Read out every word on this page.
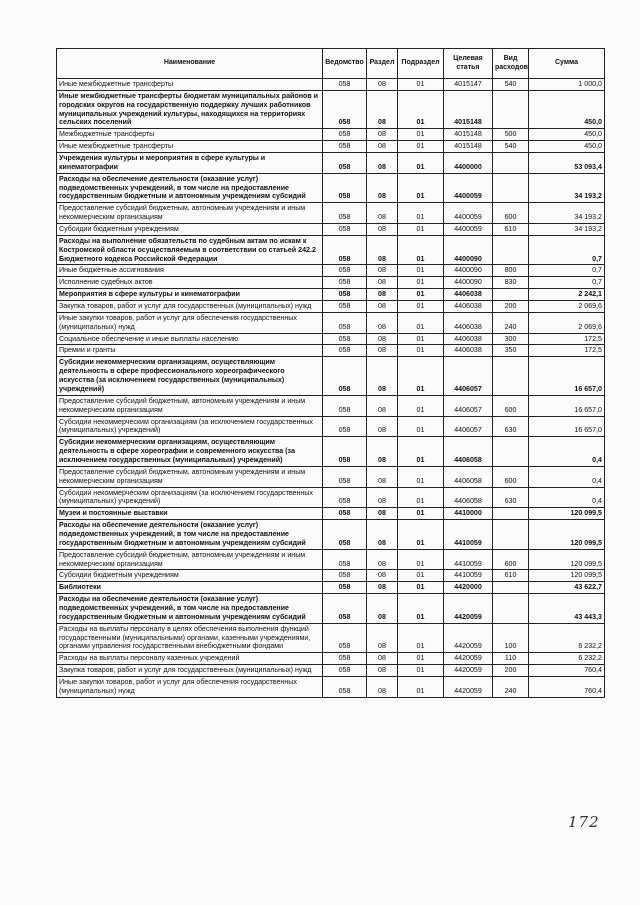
Наименование	Ведомство	Раздел	Подраздел	Целевая статья	Вид расходов	Сумма
Иные межбюджетные трансферты	058	08	01	4015147	540	1 000,0
Иные межбюджетные трансферты бюджетам муниципальных районов и городских округов на государственную поддержку лучших работников муниципальных учреждений культуры, находящихся на территориях сельских поселений	058	08	01	4015148		450,0
Межбюджетные трансферты	058	08	01	4015148	500	450,0
Иные межбюджетные трансферты	058	08	01	4015148	540	450,0
Учреждения культуры и мероприятия в сфере культуры и кинематографии	058	08	01	4400000		53 093,4
Расходы на обеспечение деятельности (оказание услуг) подведомственных учреждений, в том числе на предоставление государственным бюджетным и автономным учреждениям субсидий	058	08	01	4400059		34 193,2
Предоставление субсидий бюджетным, автономным учреждениям и иным некоммерческим организациям	058	08	01	4400059	600	34 193,2
Субсидии бюджетным учреждениям	058	08	01	4400059	610	34 193,2
Расходы на выполнение обязательств по судебным актам по искам к Костромской области осуществляемым в соответствии со статьей 242.2 Бюджетного кодекса Российской Федерации	058	08	01	4400090		0,7
Иные бюджетные ассигнования	058	08	01	4400090	800	0,7
Исполнение судебных актов	058	08	01	4400090	830	0,7
Мероприятия в сфере культуры и кинематографии	058	08	01	4406038		2 242,1
Закупка товаров, работ и услуг для государственных (муниципальных) нужд	058	08	01	4406038	200	2 069,6
Иные закупки товаров, работ и услуг для обеспечения государственных (муниципальных) нужд	058	08	01	4406038	240	2 069,6
Социальное обеспечение и иные выплаты населению	058	08	01	4406038	300	172,5
Премии и гранты	058	08	01	4406038	350	172,5
Субсидии некоммерческим организациям, осуществляющим деятельность в сфере профессионального хореографического искусства (за исключением государственных (муниципальных) учреждений)	058	08	01	4406057		16 657,0
Предоставление субсидий бюджетным, автономным учреждениям и иным некоммерческим организациям	058	08	01	4406057	600	16 657,0
Субсидии некоммерческим организациям (за исключением государственных (муниципальных) учреждений)	058	08	01	4406057	630	16 657,0
Субсидии некоммерческим организациям, осуществляющим деятельность в сфере хореографии и современного искусства (за исключением государственных (муниципальных) учреждений)	058	08	01	4406058		0,4
Предоставление субсидий бюджетным, автономным учреждениям и иным некоммерческим организациям	058	08	01	4406058	600	0,4
Субсидии некоммерческим организациям (за исключением государственных (муниципальных) учреждений)	058	08	01	4406058	630	0,4
Музеи и постоянные выставки	058	08	01	4410000		120 099,5
Расходы на обеспечение деятельности (оказание услуг) подведомственных учреждений, в том числе на предоставление государственным бюджетным и автономным учреждениям субсидий	058	08	01	4410059		120 099,5
Предоставление субсидий бюджетным, автономным учреждениям и иным некоммерческим организациям	058	08	01	4410059	600	120 099,5
Субсидии бюджетным учреждениям	058	08	01	4410059	610	120 099,5
Библиотеки	058	08	01	4420000		43 622,7
Расходы на обеспечение деятельности (оказание услуг) подведомственных учреждений, в том числе на предоставление государственным бюджетным и автономным учреждениям субсидий	058	08	01	4420059		43 443,3
Расходы на выплаты персоналу в целях обеспечения выполнения функций государственными (муниципальными) органами, казенными учреждениями, органами управления государственными внебюджетными фондами	058	08	01	4420059	100	6 232,2
Расходы на выплаты персоналу казенных учреждений	058	08	01	4420059	110	6 232,2
Закупка товаров, работ и услуг для государственных (муниципальных) нужд	058	08	01	4420059	200	760,4
Иные закупки товаров, работ и услуг для обеспечения государственных (муниципальных) нужд	058	08	01	4420059	240	760,4
172
